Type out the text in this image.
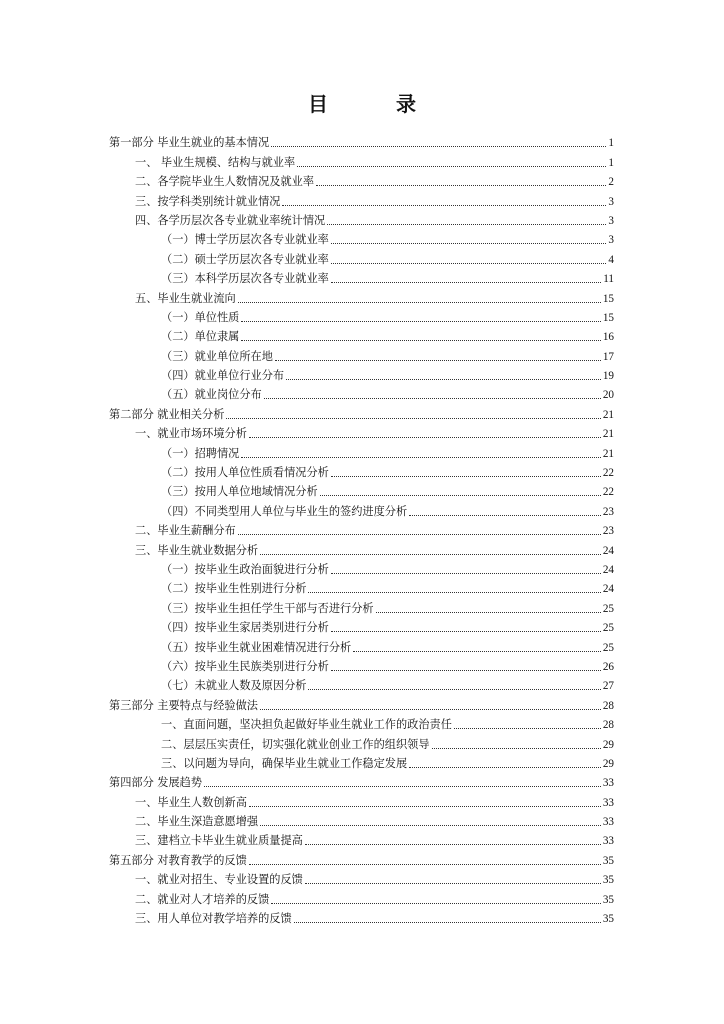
目　录
第一部分 毕业生就业的基本情况	1
一、 毕业生规模、结构与就业率	1
二、各学院毕业生人数情况及就业率	2
三、按学科类别统计就业情况	3
四、各学历层次各专业就业率统计情况	3
（一）博士学历层次各专业就业率	3
（二）硕士学历层次各专业就业率	4
（三）本科学历层次各专业就业率	11
五、毕业生就业流向	15
（一）单位性质	15
（二）单位隶属	16
（三）就业单位所在地	17
（四）就业单位行业分布	19
（五）就业岗位分布	20
第二部分 就业相关分析	21
一、就业市场环境分析	21
（一）招聘情况	21
（二）按用人单位性质看情况分析	22
（三）按用人单位地域情况分析	22
（四）不同类型用人单位与毕业生的签约进度分析	23
二、毕业生薪酬分布	23
三、毕业生就业数据分析	24
（一）按毕业生政治面貌进行分析	24
（二）按毕业生性别进行分析	24
（三）按毕业生担任学生干部与否进行分析	25
（四）按毕业生家居类别进行分析	25
（五）按毕业生就业困难情况进行分析	25
（六）按毕业生民族类别进行分析	26
（七）未就业人数及原因分析	27
第三部分 主要特点与经验做法	28
一、直面问题，坚决担负起做好毕业生就业工作的政治责任	28
二、层层压实责任，切实强化就业创业工作的组织领导	29
三、以问题为导向，确保毕业生就业工作稳定发展	29
第四部分 发展趋势	33
一、毕业生人数创新高	33
二、毕业生深造意愿增强	33
三、建档立卡毕业生就业质量提高	33
第五部分 对教育教学的反馈	35
一、就业对招生、专业设置的反馈	35
二、就业对人才培养的反馈	35
三、用人单位对教学培养的反馈	35
